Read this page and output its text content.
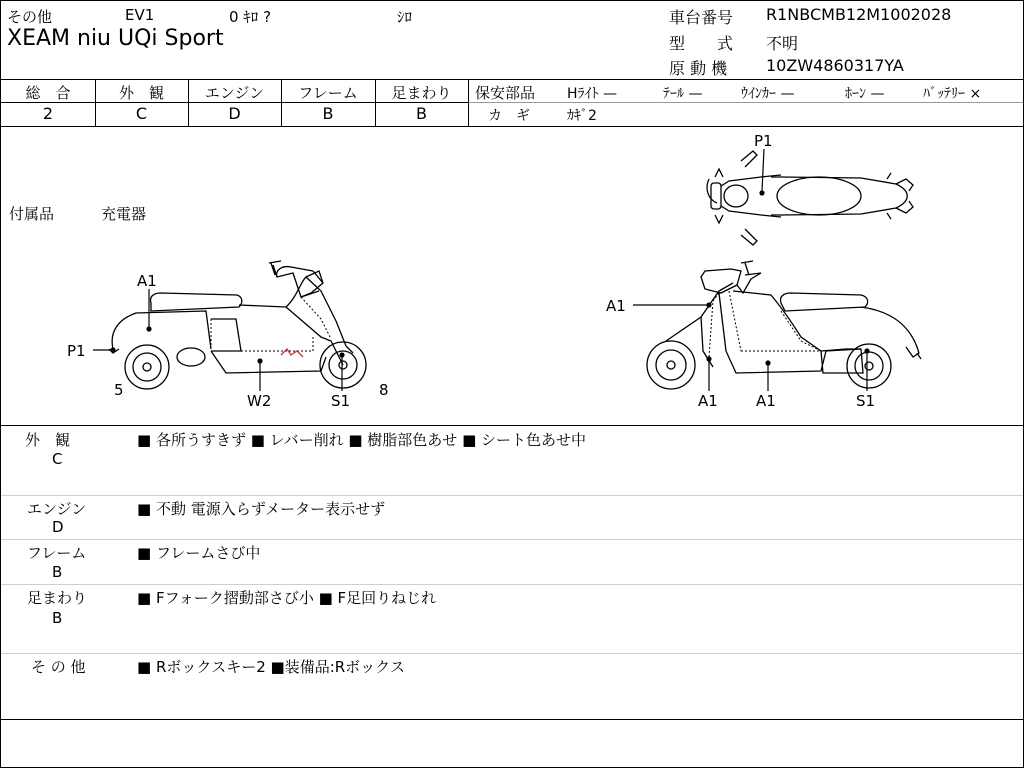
その他	EV1	0 ｷﾛ ?	ｼﾛ
XEAM niu UQi Sport
車台番号 R1NBCMB12M1002028
型　　式 不明
原 動 機 10ZW4860317YA
総　合	外　観	エンジン	フレーム	足まわり
2	C	D	B	B
保安部品 Hﾗｲﾄ —	ﾃｰﾙ —	ｳｲﾝｶｰ —	ﾎｰﾝ —	ﾊﾞｯﾃﾘｰ ×
カ　ギ	ｶｷﾞ2
付属品	充電器
P1
A1
P1
5
W2	S1
8
A1
A1	A1	S1
外　観
C
■ 各所うすきず ■ レバー削れ ■ 樹脂部色あせ ■ シート色あせ中
エンジン
D
■ 不動 電源入らずメーター表示せず
フレーム
B
■ フレームさび中
足まわり
B
■ Fフォーク摺動部さび小 ■ F足回りねじれ
そ の 他	■ Rボックスキー2 ■装備品:Rボックス
